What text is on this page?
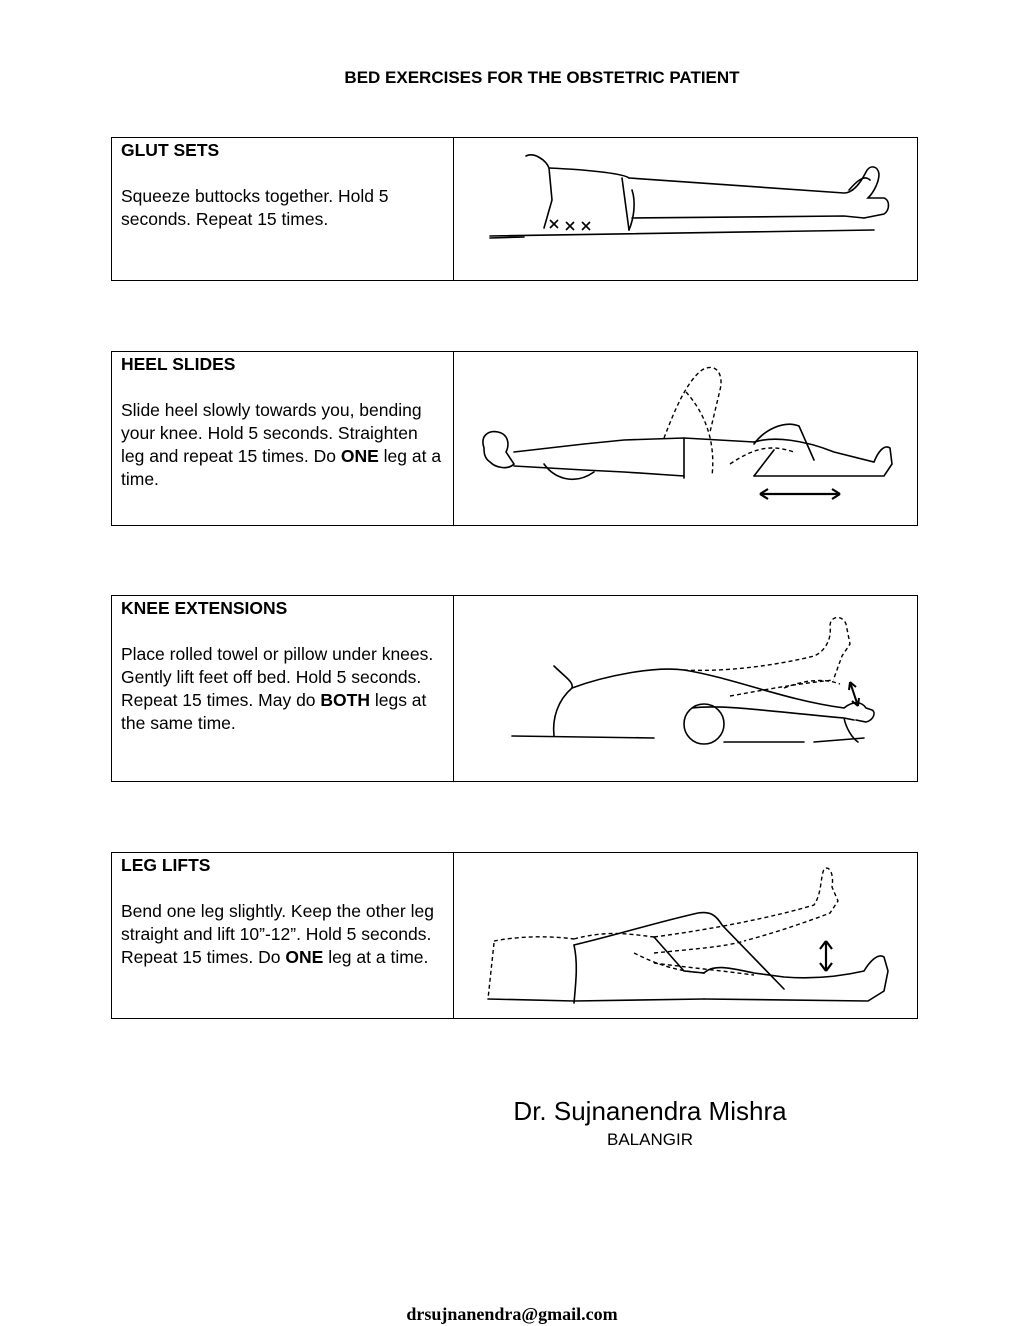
BED EXERCISES FOR THE OBSTETRIC PATIENT
GLUT SETS
Squeeze buttocks together. Hold 5 seconds. Repeat 15 times.
HEEL SLIDES
Slide heel slowly towards you, bending your knee. Hold 5 seconds. Straighten leg and repeat 15 times. Do ONE leg at a time.
KNEE EXTENSIONS
Place rolled towel or pillow under knees. Gently lift feet off bed. Hold 5 seconds. Repeat 15 times. May do BOTH legs at the same time.
LEG LIFTS
Bend one leg slightly. Keep the other leg straight and lift 10”-12”. Hold 5 seconds. Repeat 15 times. Do ONE leg at a time.
Dr. Sujnanendra Mishra
BALANGIR
drsujnanendra@gmail.com
